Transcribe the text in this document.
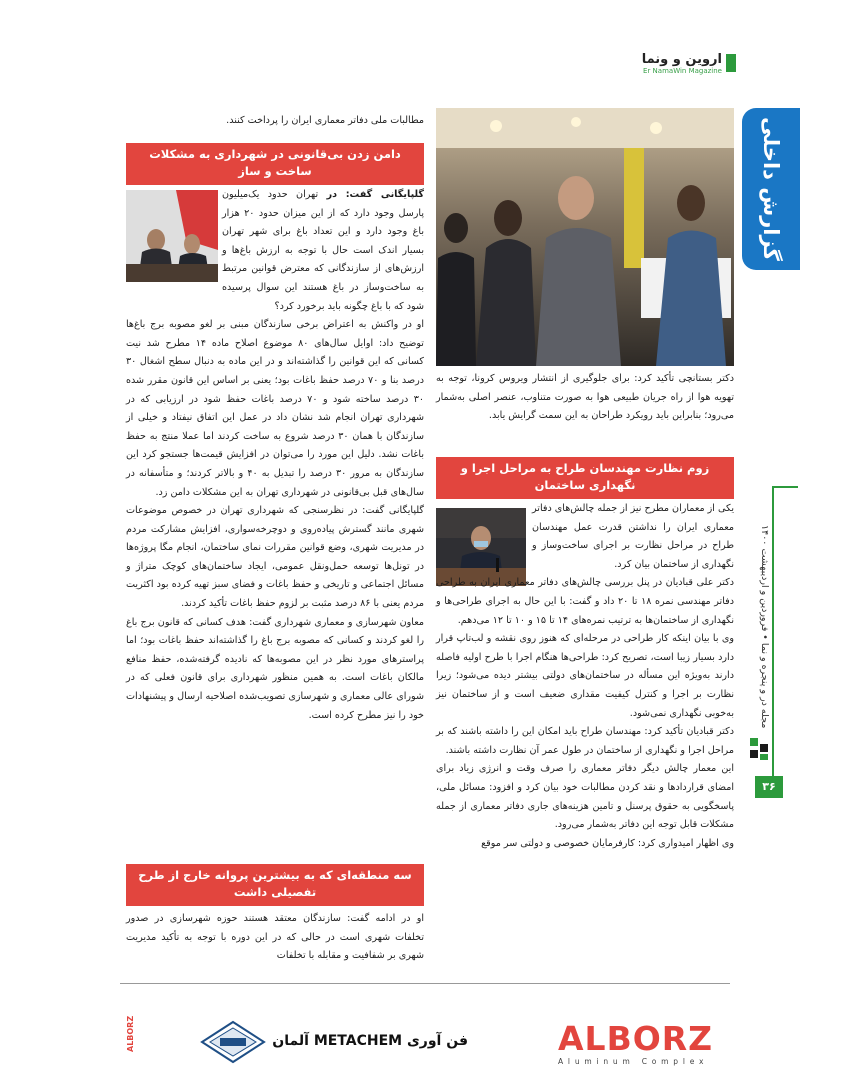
اروین و ونما
Er NamaWin Magazine
گزارش داخلی
مجله در و پنجره و نما • فروردین و اردیبهشت ۱۴۰۰
۳۶
دکتر بستانچی تأکید کرد: برای جلوگیری از انتشار ویروس کرونا، توجه به تهویه هوا از راه جریان طبیعی هوا به صورت متناوب، عنصر اصلی به‌شمار می‌رود؛ بنابراین باید رویکرد طراحان به این سمت گرایش یابد.
زوم نظارت مهندسان طراح به مراحل اجرا و نگهداری ساختمان

یکی از معماران مطرح نیز از جمله چالش‌های دفاتر معماری ایران را نداشتن قدرت عمل مهندسان طراح در مراحل نظارت بر اجرای ساخت‌وساز و نگهداری از ساختمان بیان کرد.

دکتر علی قبادیان در پنل بررسی چالش‌های دفاتر معماری ایران به طراحی دفاتر مهندسی نمره ۱۸ تا ۲۰ داد و گفت: با این حال به اجرای طراحی‌ها و نگهداری از ساختمان‌ها به ترتیب نمره‌های ۱۴ تا ۱۵ و ۱۰ تا ۱۲ می‌دهم.

وی با بیان اینکه کار طراحی در مرحله‌ای که هنوز روی نقشه و لب‌تاپ قرار دارد بسیار زیبا است، تصریح کرد: طراحی‌ها هنگام اجرا با طرح اولیه فاصله دارند به‌ویژه این مسأله در ساختمان‌های دولتی بیشتر دیده می‌شود؛ زیرا نظارت بر اجرا و کنترل کیفیت مقداری ضعیف است و از ساختمان نیز به‌خوبی نگهداری نمی‌شود.

دکتر قبادیان تأکید کرد: مهندسان طراح باید امکان این را داشته باشند که بر مراحل اجرا و نگهداری از ساختمان در طول عمر آن نظارت داشته باشند.

این معمار چالش دیگر دفاتر معماری را صرف وقت و انرژی زیاد برای امضای قراردادها و نقد کردن مطالبات خود بیان کرد و افزود: مسائل ملی، پاسخگویی به حقوق پرسنل و تامین هزینه‌های جاری دفاتر معماری از جمله مشکلات قابل توجه این دفاتر به‌شمار می‌رود.

وی اظهار امیدواری کرد: کارفرمایان خصوصی و دولتی سر موقع

مطالبات ملی دفاتر معماری ایران را پرداخت کنند.
دامن زدن بی‌قانونی در شهرداری به مشکلات ساخت و ساز

گلپایگانی گفت: در تهران حدود یک‌میلیون پارسل وجود دارد که از این میزان حدود ۲۰ هزار باغ وجود دارد و این تعداد باغ برای شهر تهران بسیار اندک است حال با توجه به ارزش باغ‌ها و ارزش‌های از سازندگانی که معترض قوانین مرتبط به ساخت‌وساز در باغ هستند این سوال پرسیده شود که با باغ چگونه باید برخورد کرد؟

او در واکنش به اعتراض برخی سازندگان مبنی بر لغو مصوبه برج باغ‌ها توضیح داد: اوایل سال‌های ۸۰ موضوع اصلاح ماده ۱۴ مطرح شد نیت کسانی که این قوانین را گذاشته‌اند و در این ماده به دنبال سطح اشغال ۳۰ درصد بنا و ۷۰ درصد حفظ باغات بود؛ یعنی بر اساس این قانون مقرر شده ۳۰ درصد ساخته شود و ۷۰ درصد باغات حفظ شود در ارزیابی که در شهرداری تهران انجام شد نشان داد در عمل این اتفاق نیفتاد و خیلی از سازندگان با همان ۳۰ درصد شروع به ساخت کردند اما عملا منتج به حفظ باغات نشد. دلیل این مورد را می‌توان در افزایش قیمت‌ها جستجو کرد این سازندگان به مرور ۳۰ درصد را تبدیل به ۴۰ و بالاتر کردند؛ و متأسفانه در سال‌های قبل بی‌قانونی در شهرداری تهران به این مشکلات دامن زد.

گلپایگانی گفت: در نظرسنجی که شهرداری تهران در خصوص موضوعات شهری مانند گسترش پیاده‌روی و دوچرخه‌سواری، افزایش مشارکت مردم در مدیریت شهری، وضع قوانین مقررات نمای ساختمان، انجام مگا پروژه‌ها در تونل‌ها توسعه حمل‌ونقل عمومی، ایجاد ساختمان‌های کوچک متراژ و مسائل اجتماعی و تاریخی و حفظ باغات و فضای سبز تهیه کرده بود اکثریت مردم یعنی با ۸۶ درصد مثبت بر لزوم حفظ باغات تأکید کردند.

معاون شهرسازی و معماری شهرداری گفت: هدف کسانی که قانون برج باغ را لغو کردند و کسانی که مصوبه برج باغ را گذاشته‌اند حفظ باغات بود؛ اما پراسترهای مورد نظر در این مصوبه‌ها که نادیده گرفته‌شده، حفظ منافع مالکان باغات است. به همین منظور شهرداری برای قانون فعلی که در شورای عالی معماری و شهرسازی تصویب‌شده اصلاحیه ارسال و پیشنهادات خود را نیز مطرح کرده است.

سه منطقه‌ای که به بیشترین پروانه خارج از طرح تفصیلی داشت
او در ادامه گفت: سازندگان معتقد هستند حوزه شهرسازی در صدور تخلفات شهری است در حالی که در این دوره با توجه به تأکید مدیریت شهری بر شفافیت و مقابله با تخلفات
ALBORZ
Aluminum Complex
فن آوری METACHEM آلمان
ALBORZ
